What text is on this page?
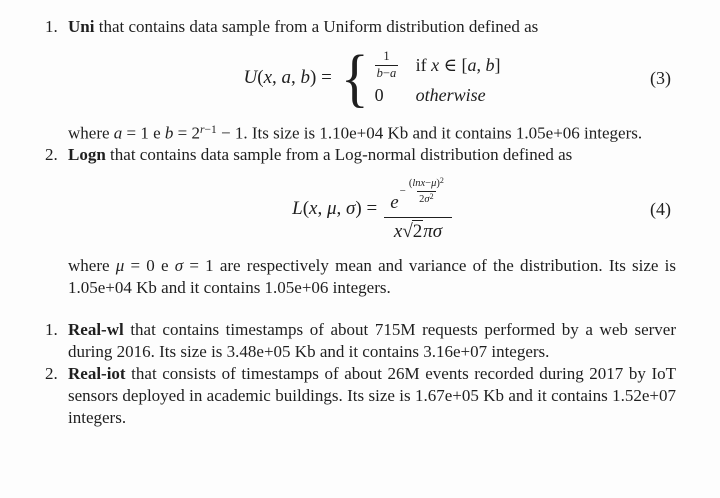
1. Uni that contains data sample from a Uniform distribution defined as

U(x, a, b) = { $\frac{1}{b-a}$ if x ∈ [a, b]
0	otherwise
(3)

where a = 1 e $b = 2^{r-1} - 1$. Its size is 1.10e+04 Kb and it contains 1.05e+06 integers.

2. Logn that contains data sample from a Log-normal distribution defined as

L(x, μ, σ) = e
− $\frac{(\ln x-\mu)^2}{2\sigma^2}$
x√2πσ
(4)

where μ = 0 e σ = 1 are respectively mean and variance of the distribution. Its size is 1.05e+04 Kb and it contains 1.05e+06 integers.

1. Real-wl that contains timestamps of about 715M requests performed by a web server during 2016. Its size is 3.48e+05 Kb and it contains 3.16e+07 integers.

2. Real-iot that consists of timestamps of about 26M events recorded during 2017 by IoT sensors deployed in academic buildings. Its size is 1.67e+05 Kb and it contains 1.52e+07 integers.
